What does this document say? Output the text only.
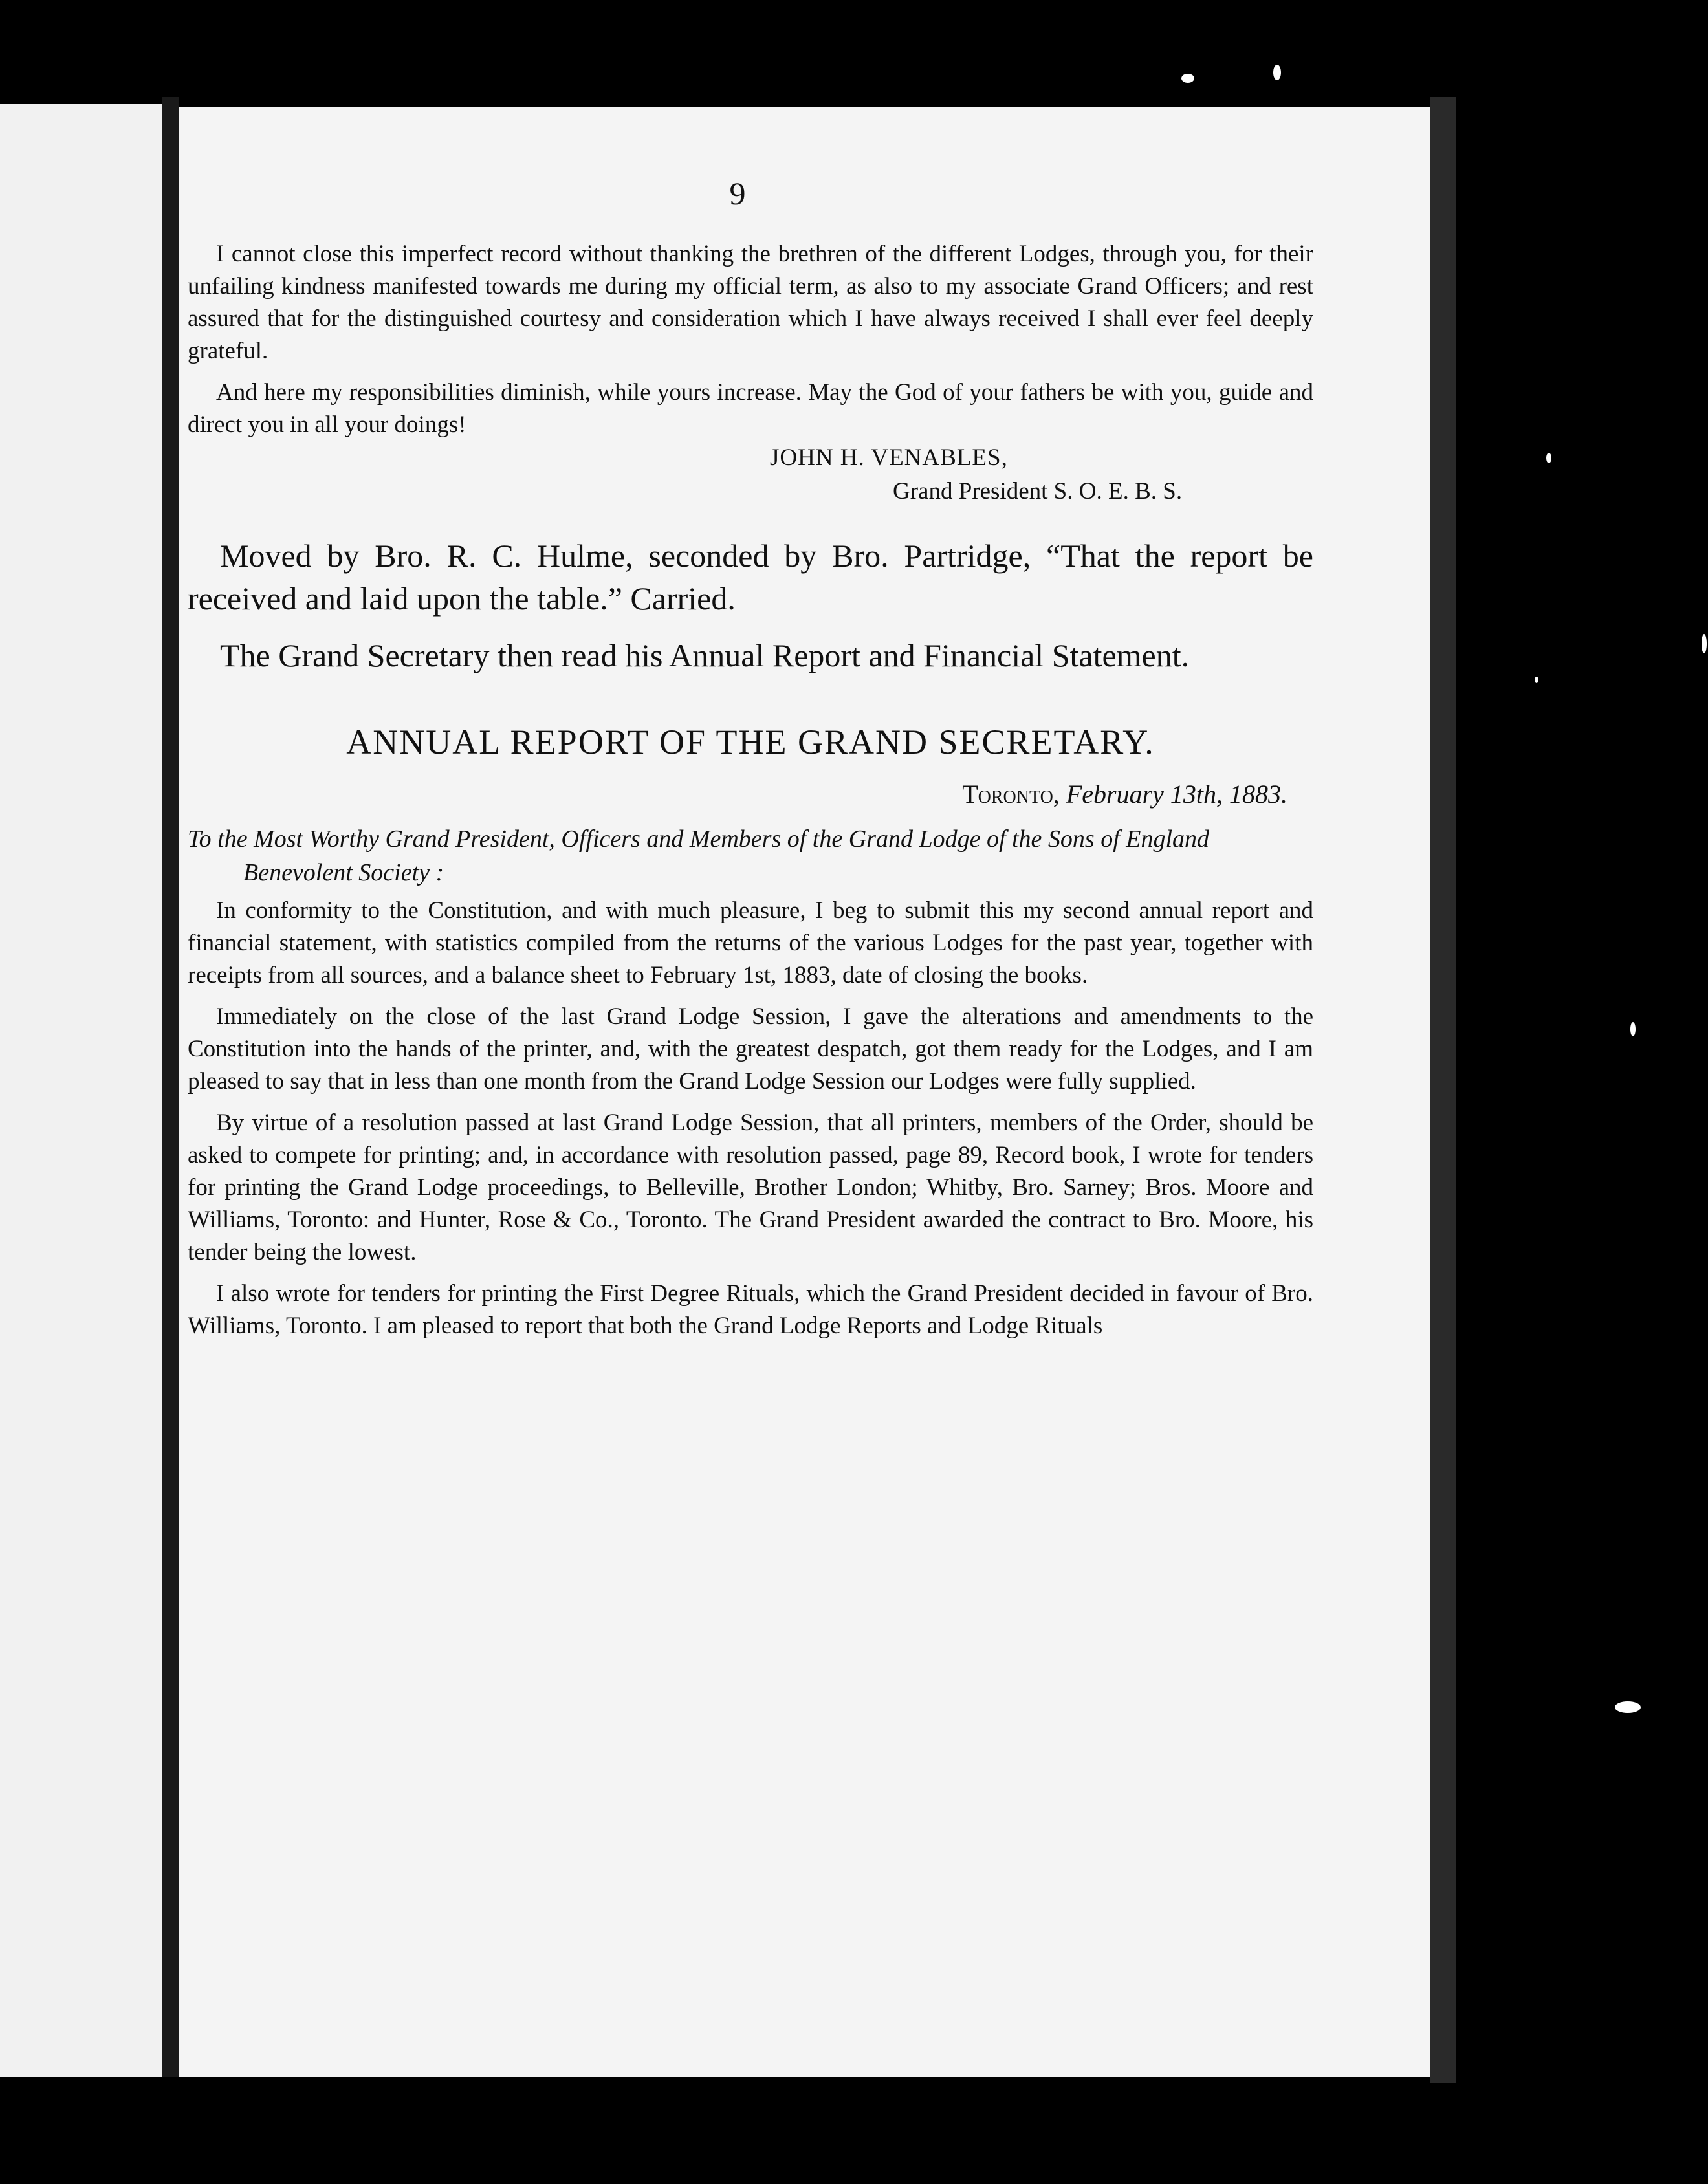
9

I cannot close this imperfect record without thanking the brethren of the different Lodges, through you, for their unfailing kindness manifested towards me during my official term, as also to my associate Grand Officers; and rest assured that for the distinguished courtesy and consideration which I have always received I shall ever feel deeply grateful.

And here my responsibilities diminish, while yours increase. May the God of your fathers be with you, guide and direct you in all your doings!

JOHN H. VENABLES,

Grand President S. O. E. B. S.

Moved by Bro. R. C. Hulme, seconded by Bro. Partridge, “That the report be received and laid upon the table.” Carried.

The Grand Secretary then read his Annual Report and Financial Statement.

ANNUAL REPORT OF THE GRAND SECRETARY.

Toronto, February 13th, 1883.

To the Most Worthy Grand President, Officers and Members of the Grand Lodge of the Sons of England Benevolent Society :

In conformity to the Constitution, and with much pleasure, I beg to submit this my second annual report and financial statement, with statistics compiled from the returns of the various Lodges for the past year, together with receipts from all sources, and a balance sheet to February 1st, 1883, date of closing the books.

Immediately on the close of the last Grand Lodge Session, I gave the alterations and amendments to the Constitution into the hands of the printer, and, with the greatest despatch, got them ready for the Lodges, and I am pleased to say that in less than one month from the Grand Lodge Session our Lodges were fully supplied.

By virtue of a resolution passed at last Grand Lodge Session, that all printers, members of the Order, should be asked to compete for printing; and, in accordance with resolution passed, page 89, Record book, I wrote for tenders for printing the Grand Lodge proceedings, to Belleville, Brother London; Whitby, Bro. Sarney; Bros. Moore and Williams, Toronto: and Hunter, Rose & Co., Toronto. The Grand President awarded the contract to Bro. Moore, his tender being the lowest.

I also wrote for tenders for printing the First Degree Rituals, which the Grand President decided in favour of Bro. Williams, Toronto. I am pleased to report that both the Grand Lodge Reports and Lodge Rituals
